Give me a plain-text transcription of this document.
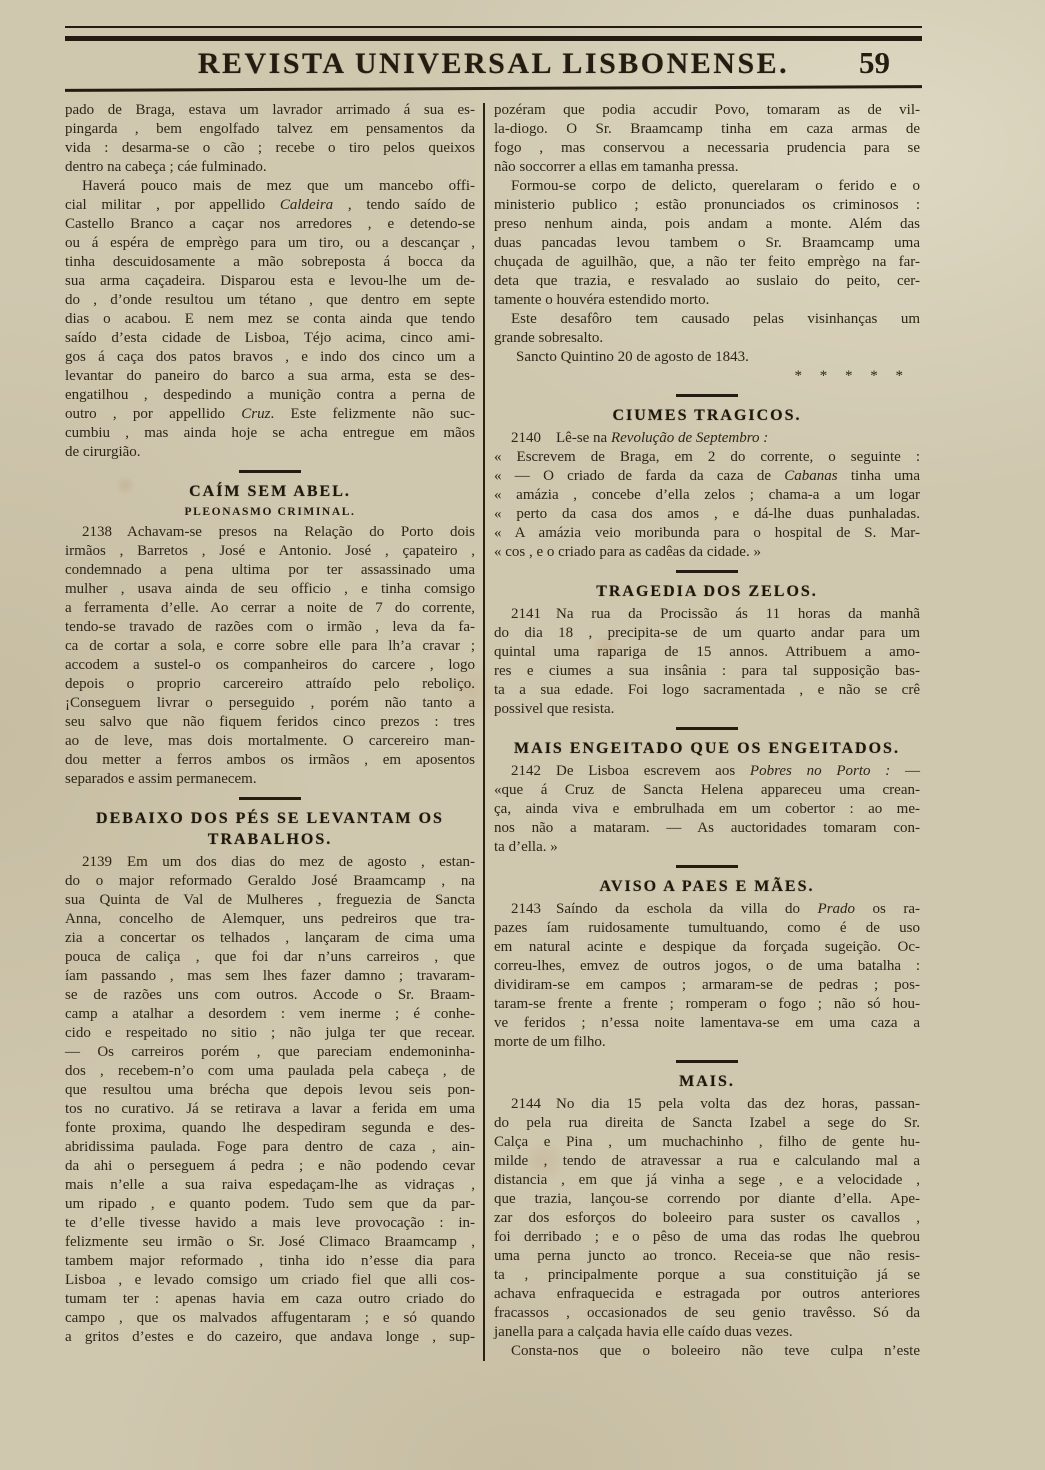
REVISTA UNIVERSAL LISBONENSE.	59
pado de Braga, estava um lavrador arrimado á sua es-
pingarda , bem engolfado talvez em pensamentos da
vida : desarma-se o cão ; recebe o tiro pelos queixos
dentro na cabeça ; cáe fulminado.
Haverá pouco mais de mez que um mancebo offi-
cial militar , por appellido Caldeira , tendo saído de
Castello Branco a caçar nos arredores , e detendo-se
ou á espéra de emprègo para um tiro, ou a descançar ,
tinha descuidosamente a mão sobreposta á bocca da
sua arma caçadeira. Disparou esta e levou-lhe um de-
do , d’onde resultou um tétano , que dentro em septe
dias o acabou. E nem mez se conta ainda que tendo
saído d’esta cidade de Lisboa, Téjo acima, cinco ami-
gos á caça dos patos bravos , e indo dos cinco um a
levantar do paneiro do barco a sua arma, esta se des-
engatilhou , despedindo a munição contra a perna de
outro , por appellido Cruz. Este felizmente não suc-
cumbiu , mas ainda hoje se acha entregue em mãos
de cirurgião.
CAÍM SEM ABEL.
PLEONASMO CRIMINAL.
2138  Achavam-se presos na Relação do Porto dois
irmãos , Barretos , José e Antonio. José , çapateiro ,
condemnado a pena ultima por ter assassinado uma
mulher , usava ainda de seu officio , e tinha comsigo
a ferramenta d’elle. Ao cerrar a noite de 7 do corrente,
tendo-se travado de razões com o irmão , leva da fa-
ca de cortar a sola, e corre sobre elle para lh’a cravar ;
accodem a sustel-o os companheiros do carcere , logo
depois o proprio carcereiro attraído pelo reboliço.
¡Conseguem livrar o perseguido , porém não tanto a
seu salvo que não fiquem feridos cinco prezos : tres
ao de leve, mas dois mortalmente. O carcereiro man-
dou metter a ferros ambos os irmãos , em aposentos
separados e assim permanecem.
DEBAIXO DOS PÉS SE LEVANTAM OS
TRABALHOS.
2139  Em um dos dias do mez de agosto , estan-
do o major reformado Geraldo José Braamcamp , na
sua Quinta de Val de Mulheres , freguezia de Sancta
Anna, concelho de Alemquer, uns pedreiros que tra-
zia a concertar os telhados , lançaram de cima uma
pouca de caliça , que foi dar n’uns carreiros , que
íam passando , mas sem lhes fazer damno ; travaram-
se de razões uns com outros. Accode o Sr. Braam-
camp a atalhar a desordem : vem inerme ; é conhe-
cido e respeitado no sitio ; não julga ter que recear.
— Os carreiros porém , que pareciam endemoninha-
dos , recebem-n’o com uma paulada pela cabeça , de
que resultou uma brécha que depois levou seis pon-
tos no curativo. Já se retirava a lavar a ferida em uma
fonte proxima, quando lhe despediram segunda e des-
abridissima paulada. Foge para dentro de caza , ain-
da ahi o perseguem á pedra ; e não podendo cevar
mais n’elle a sua raiva espedaçam-lhe as vidraças ,
um ripado , e quanto podem. Tudo sem que da par-
te d’elle tivesse havido a mais leve provocação : in-
felizmente seu irmão o Sr. José Climaco Braamcamp ,
tambem major reformado , tinha ido n’esse dia para
Lisboa , e levado comsigo um criado fiel que alli cos-
tumam ter : apenas havia em caza outro criado do
campo , que os malvados affugentaram ; e só quando
a gritos d’estes e do cazeiro, que andava longe , sup-
pozéram que podia accudir Povo, tomaram as de vil-
la-diogo. O Sr. Braamcamp tinha em caza armas de
fogo , mas conservou a necessaria prudencia para se
não soccorrer a ellas em tamanha pressa.
Formou-se corpo de delicto, querelaram o ferido e o
ministerio publico ; estão pronunciados os criminosos :
preso nenhum ainda, pois andam a monte. Além das
duas pancadas levou tambem o Sr. Braamcamp uma
chuçada de aguilhão, que, a não ter feito emprègo na far-
deta que trazia, e resvalado ao suslaio do peito, cer-
tamente o houvéra estendido morto.
Este desafôro tem causado pelas visinhanças um
grande sobresalto.
Sancto Quintino 20 de agosto de 1843.
* * * * *
CIUMES TRAGICOS.
2140  Lê-se na Revolução de Septembro :
« Escrevem de Braga, em 2 do corrente, o seguinte :
« — O criado de farda da caza de Cabanas tinha uma
« amázia , concebe d’ella zelos ; chama-a a um logar
« perto da casa dos amos , e dá-lhe duas punhaladas.
« A amázia veio moribunda para o hospital de S. Mar-
« cos , e o criado para as cadêas da cidade. »
TRAGEDIA DOS ZELOS.
2141  Na rua da Procissão ás 11 horas da manhã
do dia 18 , precipita-se de um quarto andar para um
quintal uma rapariga de 15 annos. Attribuem a amo-
res e ciumes a sua insânia : para tal supposição bas-
ta a sua edade. Foi logo sacramentada , e não se crê
possivel que resista.
MAIS ENGEITADO QUE OS ENGEITADOS.
2142  De Lisboa escrevem aos Pobres no Porto : —
«que á Cruz de Sancta Helena appareceu uma crean-
ça, ainda viva e embrulhada em um cobertor : ao me-
nos não a mataram. — As auctoridades tomaram con-
ta d’ella. »
AVISO A PAES E MÃES.
2143  Saíndo da eschola da villa do Prado os ra-
pazes íam ruidosamente tumultuando, como é de uso
em natural acinte e despique da forçada sugeição. Oc-
correu-lhes, emvez de outros jogos, o de uma batalha :
dividiram-se em campos ; armaram-se de pedras ; pos-
taram-se frente a frente ; romperam o fogo ; não só hou-
ve feridos ; n’essa noite lamentava-se em uma caza a
morte de um filho.
MAIS.
2144  No dia 15 pela volta das dez horas, passan-
do pela rua direita de Sancta Izabel a sege do Sr.
Calça e Pina , um muchachinho , filho de gente hu-
milde , tendo de atravessar a rua e calculando mal a
distancia , em que já vinha a sege , e a velocidade ,
que trazia, lançou-se correndo por diante d’ella. Ape-
zar dos esforços do boleeiro para suster os cavallos ,
foi derribado ; e o pêso de uma das rodas lhe quebrou
uma perna juncto ao tronco. Receia-se que não resis-
ta , principalmente porque a sua constituição já se
achava enfraquecida e estragada por outros anteriores
fracassos , occasionados de seu genio travêsso. Só da
janella para a calçada havia elle caído duas vezes.
Consta-nos que o boleeiro não teve culpa n’este
